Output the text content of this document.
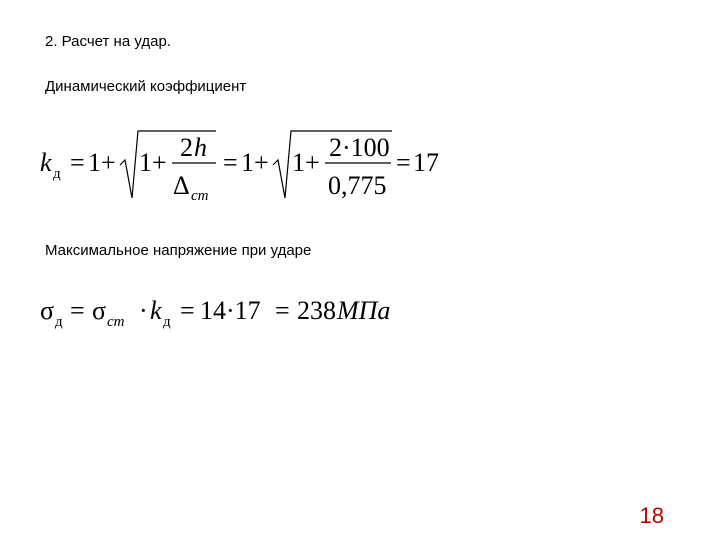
2. Расчет на удар.
Динамический коэффициент
Максимальное напряжение при ударе
k д = 1 + 1 +
2 h
Δ ст
= 1 + 1 +
2·100
0,775
= 17
σ д = σ ст · k д = 14·17 = 238 МПа
18
